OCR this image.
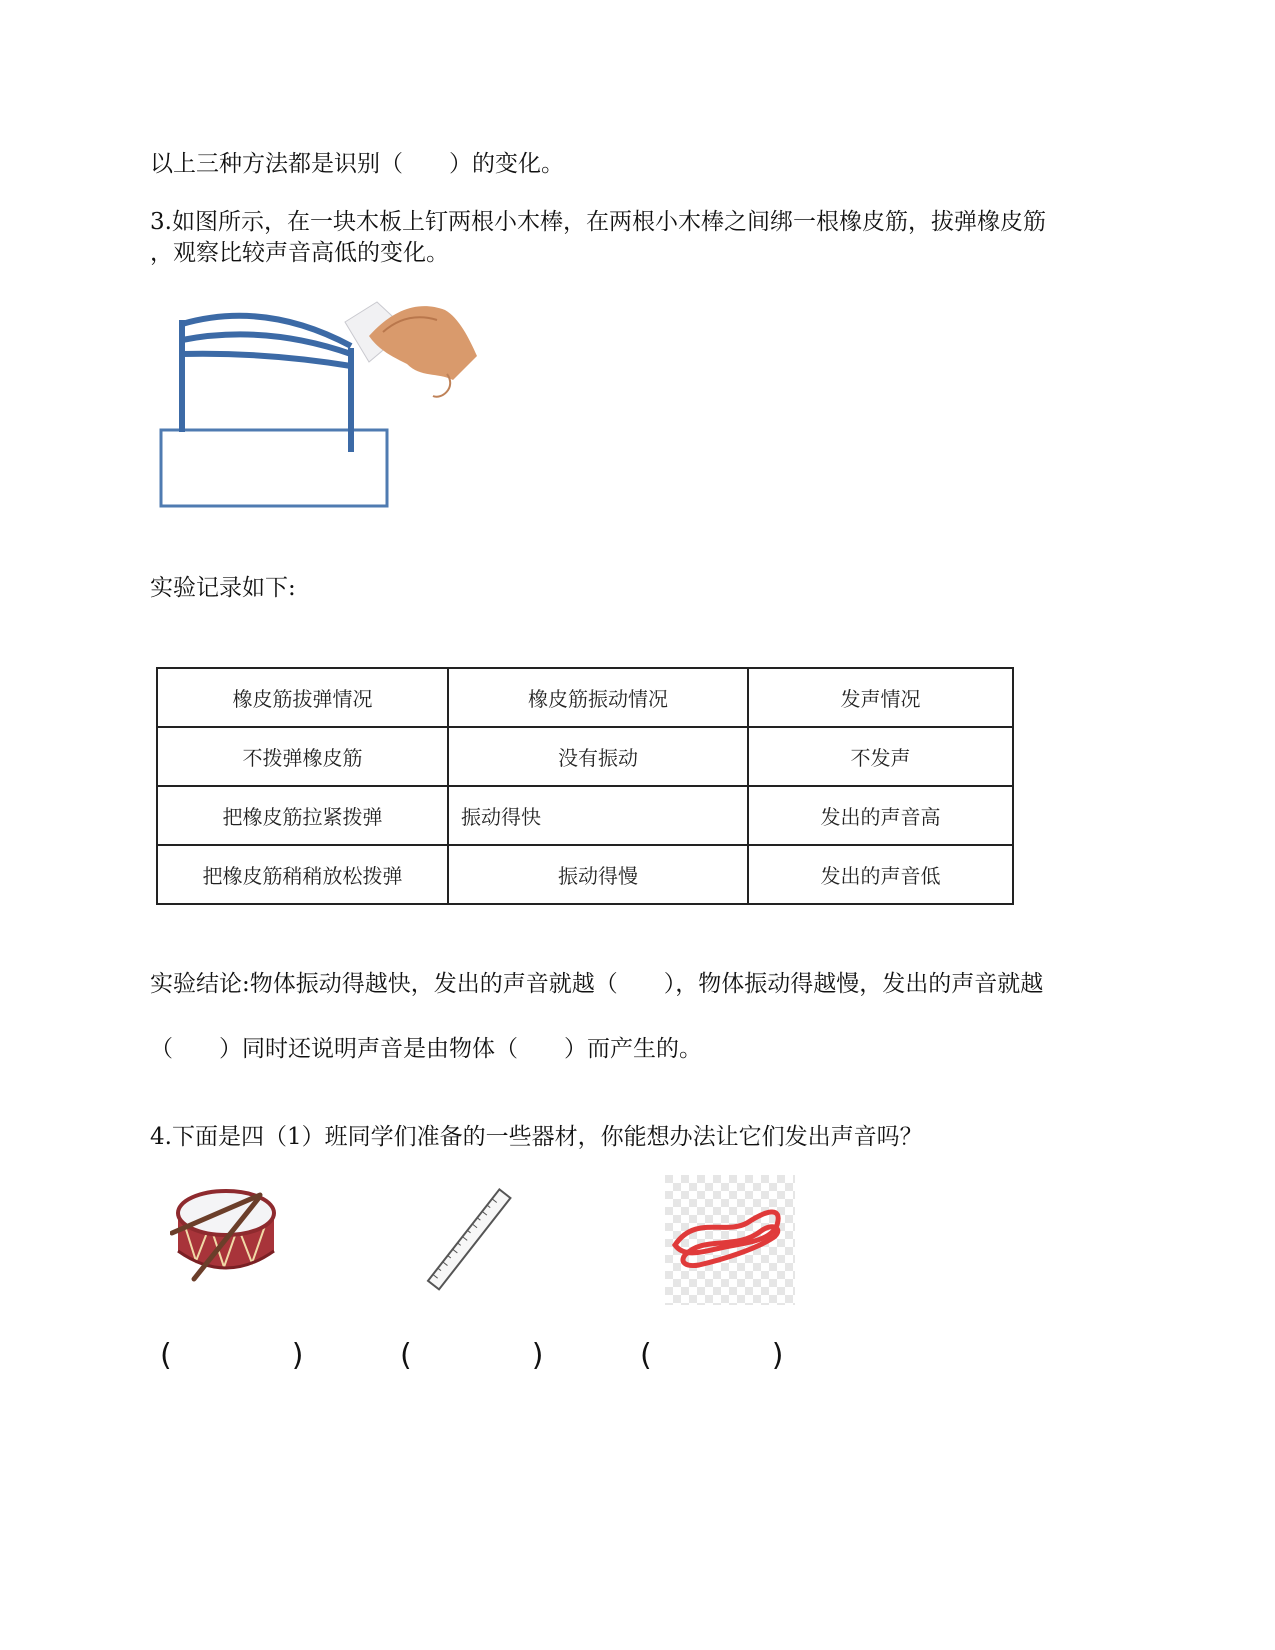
以上三种方法都是识别（　　）的变化。
3.如图所示，在一块木板上钉两根小木棒，在两根小木棒之间绑一根橡皮筋，拔弹橡皮筋
，观察比较声音高低的变化。
实验记录如下:
橡皮筋拔弹情况	橡皮筋振动情况	发声情况
不拨弹橡皮筋	没有振动	不发声
把橡皮筋拉紧拨弹	振动得快	发出的声音高
把橡皮筋稍稍放松拨弹	振动得慢	发出的声音低
实验结论:物体振动得越快，发出的声音就越（　　），物体振动得越慢，发出的声音就越
（　　）同时还说明声音是由物体（　　）而产生的。
4.下面是四（1）班同学们准备的一些器材，你能想办法让它们发出声音吗？
(　　　　)	(　　　　)	(　　　　)
